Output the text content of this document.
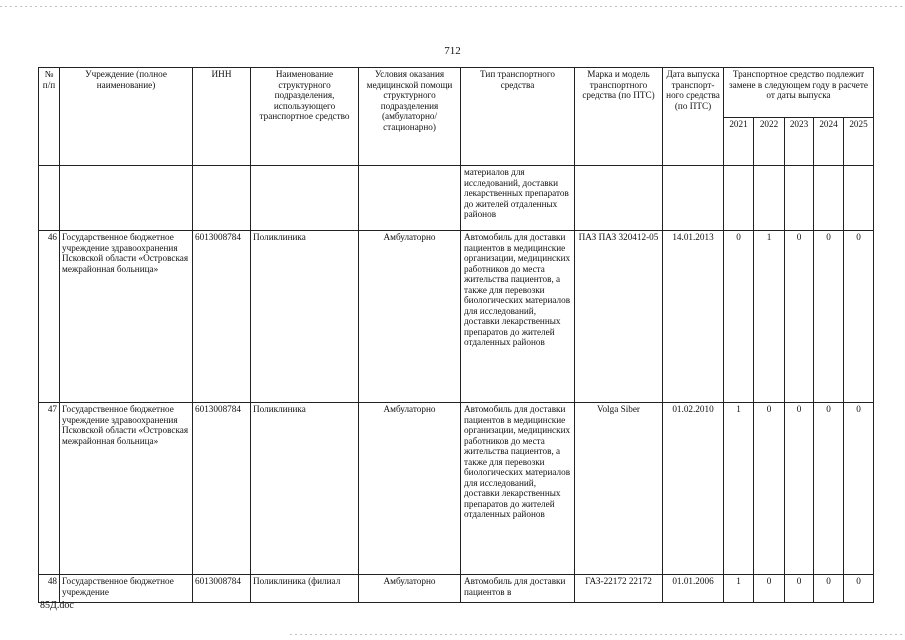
712
№ п/п	Учреждение (полное наименование)	ИНН	Наименование структурного подразделения, использующего транспортное средство	Условия оказания медицинской помощи структурного подразделения (амбулаторно/ стационарно)	Тип транспортного средства	Марка и модель транспортного средства (по ПТС)	Дата выпуска транспорт- ного средства (по ПТС)	Транспортное средство подлежит замене в следующем году в расчете от даты выпуска				
								2021	2022	2023	2024	2025
					материалов для исследований, доставки лекарственных препаратов до жителей отдаленных районов							
46	Государственное бюджетное учреждение здравоохранения Псковской области «Островская межрайонная больница»	6013008784	Поликлиника	Амбулаторно	Автомобиль для доставки пациентов в медицинские организации, медицинских работников до места жительства пациентов, а также для перевозки биологических материалов для исследований, доставки лекарственных препаратов до жителей отдаленных районов	ПАЗ ПАЗ 320412-05	14.01.2013	0	1	0	0	0
47	Государственное бюджетное учреждение здравоохранения Псковской области «Островская межрайонная больница»	6013008784	Поликлиника	Амбулаторно	Автомобиль для доставки пациентов в медицинские организации, медицинских работников до места жительства пациентов, а также для перевозки биологических материалов для исследований, доставки лекарственных препаратов до жителей отдаленных районов	Volga Siber	01.02.2010	1	0	0	0	0
48	Государственное бюджетное учреждение	6013008784	Поликлиника (филиал	Амбулаторно	Автомобиль для доставки пациентов в	ГАЗ-22172 22172	01.01.2006	1	0	0	0	0
85Д.doc
